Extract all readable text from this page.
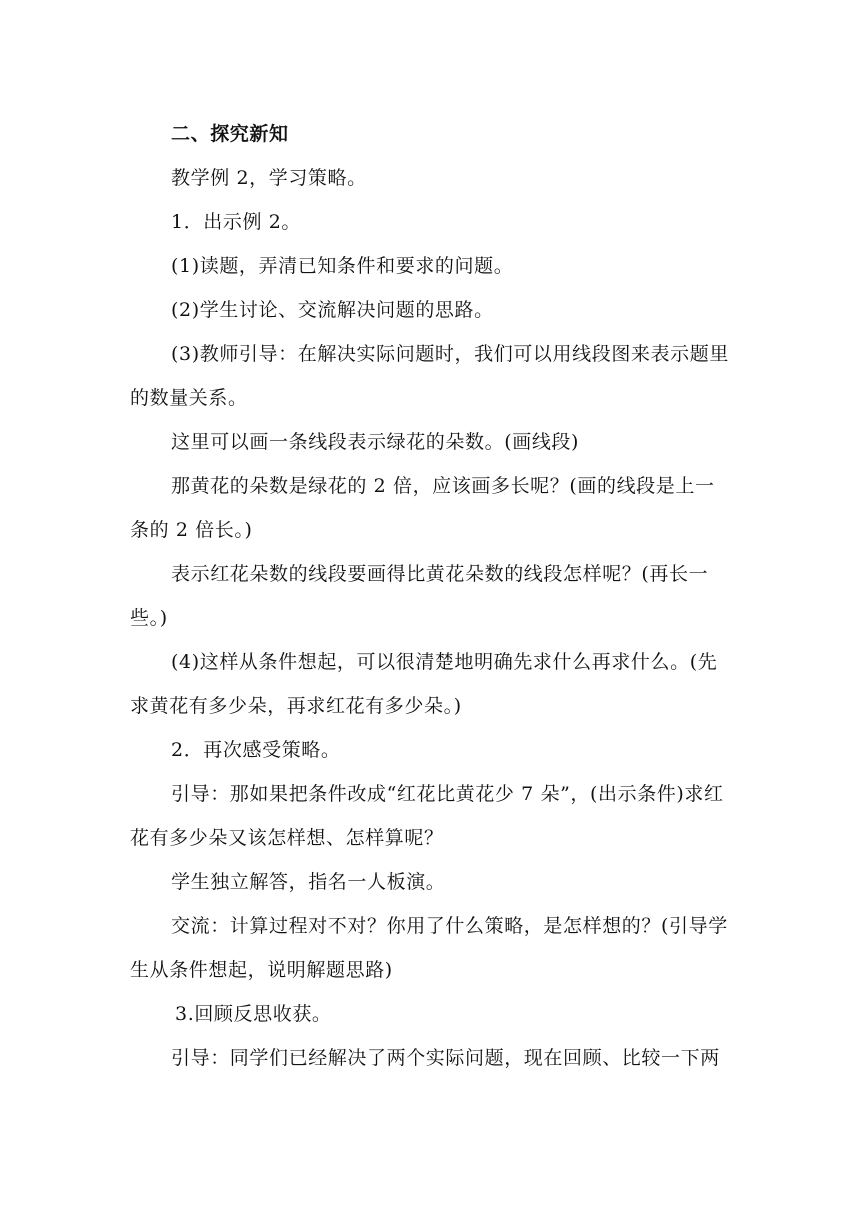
二、探究新知

教学例 2，学习策略。

1．出示例 2。

(1)读题，弄清已知条件和要求的问题。

(2)学生讨论、交流解决问题的思路。

(3)教师引导：在解决实际问题时，我们可以用线段图来表示题里的数量关系。

这里可以画一条线段表示绿花的朵数。(画线段)

那黄花的朵数是绿花的 2 倍，应该画多长呢？(画的线段是上一条的 2 倍长。)

表示红花朵数的线段要画得比黄花朵数的线段怎样呢？(再长一些。)

(4)这样从条件想起，可以很清楚地明确先求什么再求什么。(先求黄花有多少朵，再求红花有多少朵。)

2．再次感受策略。

引导：那如果把条件改成“红花比黄花少 7 朵”，(出示条件)求红花有多少朵又该怎样想、怎样算呢？

学生独立解答，指名一人板演。

交流：计算过程对不对？你用了什么策略，是怎样想的？(引导学生从条件想起，说明解题思路)

3.回顾反思收获。

引导：同学们已经解决了两个实际问题，现在回顾、比较一下两
